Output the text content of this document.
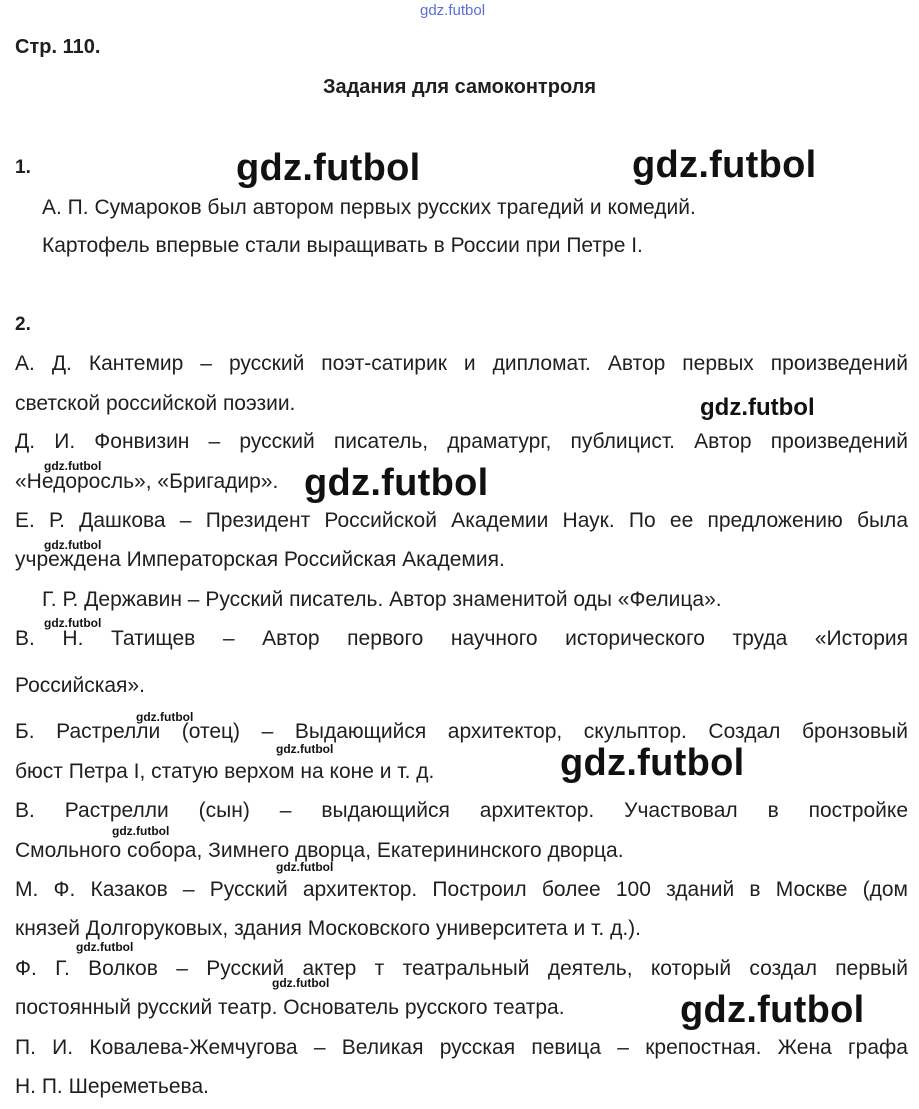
gdz.futbol
Стр. 110.
Задания для самоконтроля
1.
А. П. Сумароков был автором первых русских трагедий и комедий.
Картофель впервые стали выращивать в России при Петре I.
2.
А. Д. Кантемир – русский поэт-сатирик и дипломат. Автор первых произведений
светской российской поэзии.
Д. И. Фонвизин – русский писатель, драматург, публицист. Автор произведений
«Недоросль», «Бригадир».
Е. Р. Дашкова – Президент Российской Академии Наук. По ее предложению была
учреждена Императорская Российская Академия.
Г. Р. Державин – Русский писатель. Автор знаменитой оды «Фелица».
В. Н. Татищев – Автор первого научного исторического труда «История
Российская».
Б. Растрелли (отец) – Выдающийся архитектор, скульптор. Создал бронзовый
бюст Петра I, статую верхом на коне и т. д.
В. Растрелли (сын) – выдающийся архитектор. Участвовал в постройке
Смольного собора, Зимнего дворца, Екатерининского дворца.
М. Ф. Казаков – Русский архитектор. Построил более 100 зданий в Москве (дом
князей Долгоруковых, здания Московского университета и т. д.).
Ф. Г. Волков – Русский актер т театральный деятель, который создал первый
постоянный русский театр. Основатель русского театра.
П. И. Ковалева-Жемчугова – Великая русская певица – крепостная. Жена графа
Н. П. Шереметьева.
gdz.futbol	gdz.futbol
gdz.futbol
gdz.futbol
gdz.futbol
gdz.futbol
gdz.futbol
gdz.futbol
gdz.futbol
gdz.futbol
gdz.futbol
gdz.futbol
gdz.futbol
gdz.futbol
gdz.futbol
